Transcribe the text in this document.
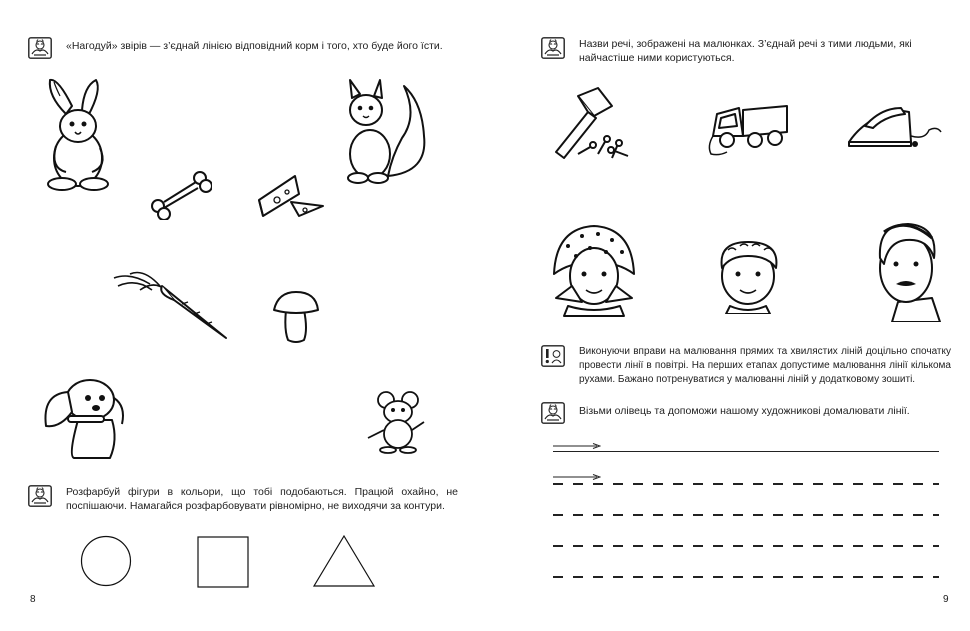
«Нагодуй» звірів — з’єднай лінією відповідний корм і того, хто буде його їсти.
Розфарбуй фігури в кольори, що тобі подобаються. Працюй охайно, не поспішаючи. Намагайся розфарбовувати рівномірно, не виходячи за контури.
8
Назви речі, зображені на малюнках. З’єднай речі з тими людьми, які найчастіше ними користуються.
Виконуючи вправи на малювання прямих та хвилястих ліній доцільно спочатку провести лінії в повітрі. На перших етапах допустиме малювання лінії кількома рухами. Бажано потренуватися у малюванні ліній у додатковому зошиті.
Візьми олівець та допоможи нашому художникові домалювати лінії.
9
